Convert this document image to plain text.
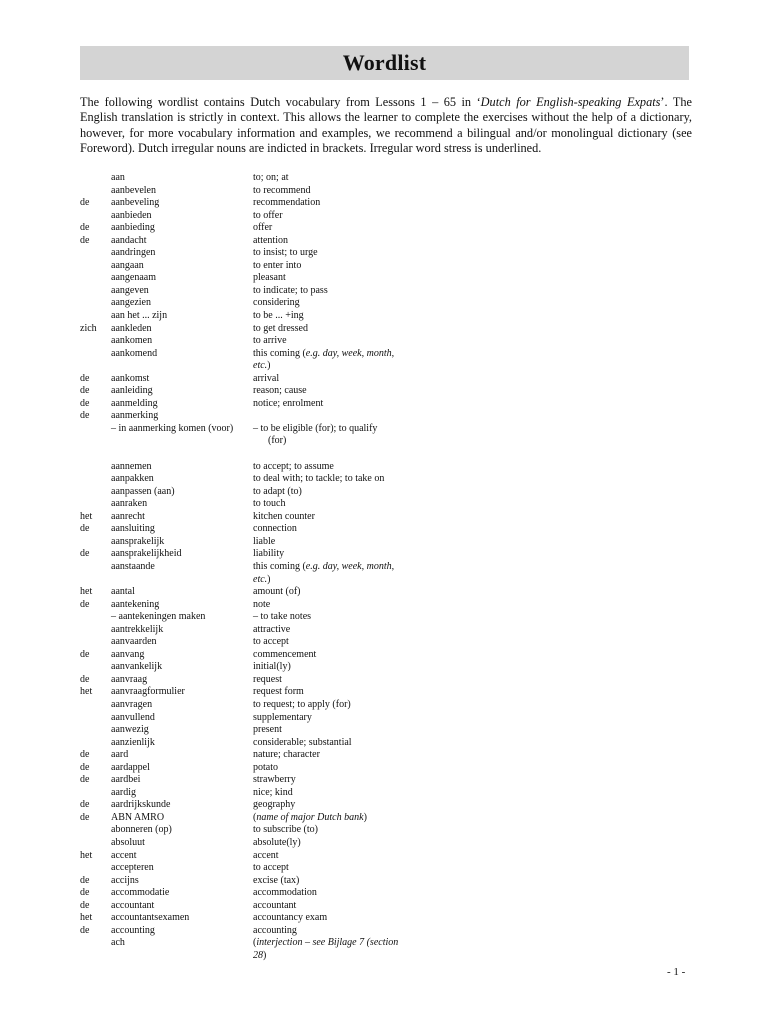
Wordlist
The following wordlist contains Dutch vocabulary from Lessons 1 – 65 in ‘Dutch for English-speaking Expats’. The English translation is strictly in context. This allows the learner to complete the exercises without the help of a dictionary, however, for more vocabulary information and examples, we recommend a bilingual and/or monolingual dictionary (see Foreword). Dutch irregular nouns are indicted in brackets. Irregular word stress is underlined.
aan	to; on; at
aanbevelen	to recommend
de	aanbeveling	recommendation
aanbieden	to offer
de	aanbieding	offer
de	aandacht	attention
aandringen	to insist; to urge
aangaan	to enter into
aangenaam	pleasant
aangeven	to indicate; to pass
aangezien	considering
aan het ... zijn	to be ... +ing
zich	aankleden	to get dressed
aankomen	to arrive
aankomend	this coming (e.g. day, week, month,
etc.)
de	aankomst	arrival
de	aanleiding	reason; cause
de	aanmelding	notice; enrolment
de	aanmerking
– in aanmerking komen (voor)	– to be eligible (for); to qualify
(for)
aannemen	to accept; to assume
aanpakken	to deal with; to tackle; to take on
aanpassen (aan)	to adapt (to)
aanraken	to touch
het	aanrecht	kitchen counter
de	aansluiting	connection
aansprakelijk	liable
de	aansprakelijkheid	liability
aanstaande	this coming (e.g. day, week, month,
etc.)
het	aantal	amount (of)
de	aantekening	note
– aantekeningen maken	– to take notes
aantrekkelijk	attractive
aanvaarden	to accept
de	aanvang	commencement
aanvankelijk	initial(ly)
de	aanvraag	request
het	aanvraagformulier	request form
aanvragen	to request; to apply (for)
aanvullend	supplementary
aanwezig	present
aanzienlijk	considerable; substantial
de	aard	nature; character
de	aardappel	potato
de	aardbei	strawberry
aardig	nice; kind
de	aardrijkskunde	geography
de	ABN AMRO	(name of major Dutch bank)
abonneren (op)	to subscribe (to)
absoluut	absolute(ly)
het	accent	accent
accepteren	to accept
de	accijns	excise (tax)
de	accommodatie	accommodation
de	accountant	accountant
het	accountantsexamen	accountancy exam
de	accounting	accounting
ach	(interjection – see Bijlage 7 (section
28)
- 1 -
